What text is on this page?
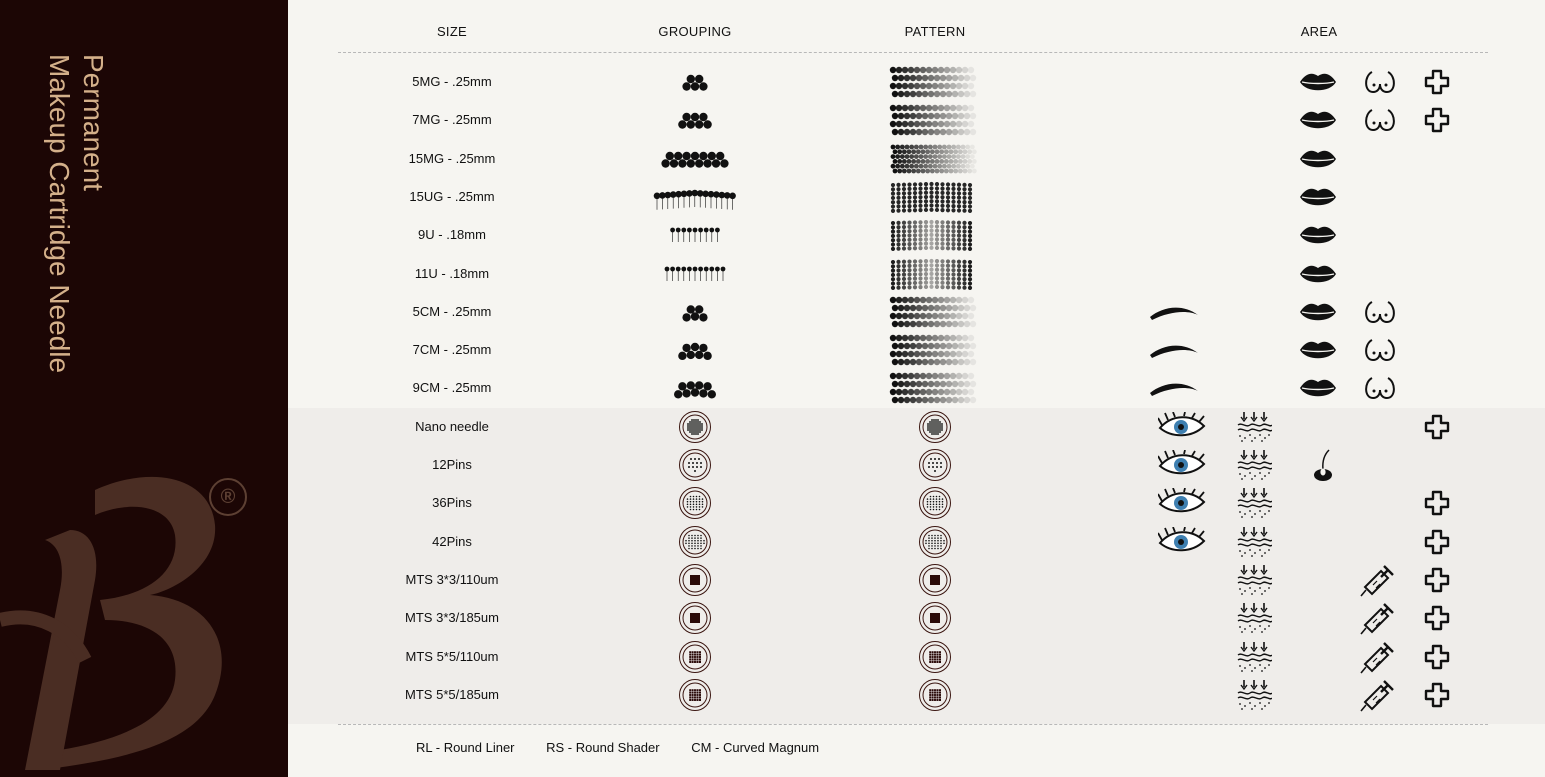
Permanent
Makeup Cartridge Needle
®
SIZE	GROUPING	PATTERN	AREA
5MG - .25mm
7MG - .25mm
15MG - .25mm
15UG - .25mm
9U - .18mm
11U - .18mm
5CM - .25mm
7CM - .25mm
9CM - .25mm
Nano needle
12Pins
36Pins
42Pins
MTS 3*3/110um
MTS 3*3/185um
MTS 5*5/110um
MTS 5*5/185um
RL - Round Liner RS - Round Shader CM - Curved Magnum
